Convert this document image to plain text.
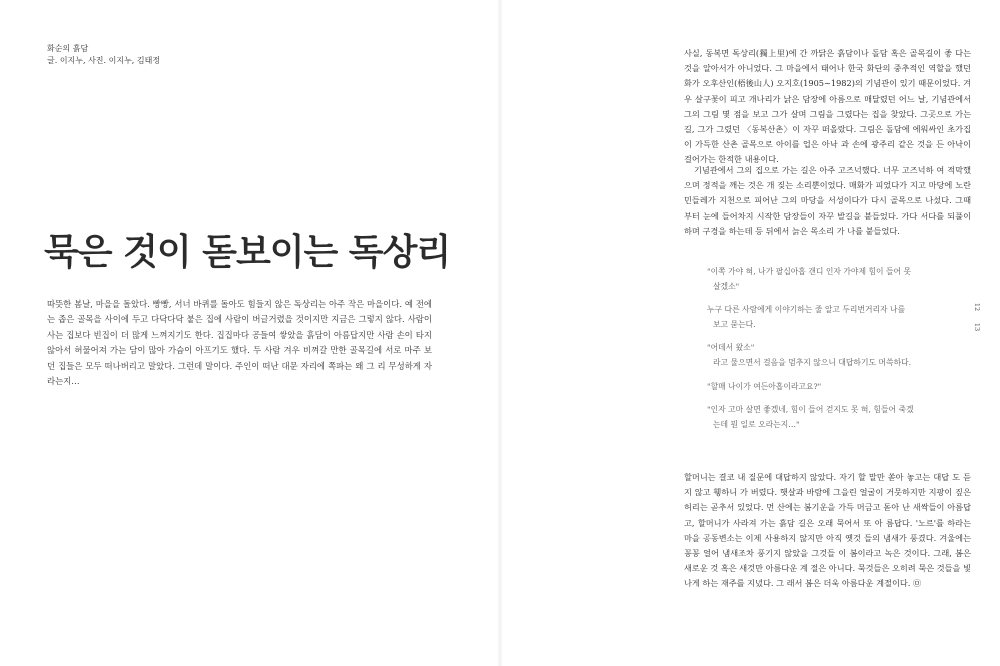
화순의 흙담
글. 이지누, 사진. 이지누, 김태정
묵은 것이 돋보이는 독상리

따뜻한 봄날, 마을을 돌았다. 빵빵, 서너 바퀴를 돌아도 힘들지 않은 독상리는 아주 작은 마을이다. 예 전에는 좁은 골목을 사이에 두고 다닥다닥 붙은 집에 사람이 버글거렸을 것이지만 지금은 그렇지 않다. 사람이 사는 집보다 빈집이 더 많게 느껴지기도 한다. 집집마다 공들여 쌓았을 흙담이 아름답지만 사람 손이 타지 않아서 허물어져 가는 담이 많아 가슴이 아프기도 했다. 두 사람 겨우 비껴갈 만한 골목길에 서로 마주 보던 집들은 모두 떠나버리고 말았다. 그런데 말이다. 주인이 떠난 대문 자리에 쪽파는 왜 그 리 무성하게 자라는지…

사실, 동복면 독상리(獨上里)에 간 까닭은 흙담이나 돌담 혹은 골목길이 좋 다는 것을 알아서가 아니었다. 그 마을에서 태어나 한국 화단의 중추적인 역할을 했던 화가 오후산인(梧後山人) 오지호(1905~1982)의 기념관이 있기 때문이었다. 겨우 살구꽃이 피고 개나리가 낡은 담장에 아름으로 매달렸던 어느 날, 기념관에서 그의 그림 몇 점을 보고 그가 살며 그림을 그렸다는 집을 찾았다. 그곳으로 가는 길, 그가 그렸던 〈동복산촌〉이 자꾸 떠올랐다. 그림은 돌담에 에워싸인 초가집이 가득한 산촌 골목으로 아이를 업은 아낙 과 손에 광주리 같은 것을 든 아낙이 걸어가는 한적한 내용이다.

기념관에서 그의 집으로 가는 길은 아주 고즈넉했다. 너무 고즈넉하 여 적막했으며 정적을 깨는 것은 개 짖는 소리뿐이었다. 매화가 피었다가 지고 마당에 노란 민들레가 지천으로 피어난 그의 마당을 서성이다가 다시 골목으로 나섰다. 그때부터 눈에 들어차지 시작한 담장들이 자꾸 발길을 붙들었다. 가다 서다를 되풀이하며 구경을 하는데 등 뒤에서 늙은 목소리 가 나를 붙들었다.

"이쪽 가야 혀, 나가 팔십아홉 갠디 인자 가야제 힘이 들어 못
살겠소"

누구 다른 사람에게 이야기하는 줄 알고 두리번거리자 나를
보고 묻는다.

"어데서 왔소"
라고 물으면서 걸음을 멈추지 않으니 대답하기도 머쓱하다.

"할매 나이가 여든아홉이라고요?"

"인자 고마 살면 좋겠네, 힘이 들어 걷지도 못 혀, 힘들어 죽겠
는데 뭔 일로 오라는지…"

할머니는 결코 내 질문에 대답하지 않았다. 자기 할 말만 쏟아 놓고는 대답 도 듣지 않고 휑하니 가 버렸다. 햇살과 바람에 그을린 얼굴이 거뭇하지만 지팡이 짚은 허리는 곧추서 있었다. 먼 산에는 봄기운을 가득 머금고 돋아 난 새싹들이 아름답고, 할머니가 사라져 가는 흙담 길은 오래 묵어서 또 아 름답다. '노르'를 하라는 마을 공동변소는 이제 사용하지 않지만 아직 옛것 들의 냄새가 풍겼다. 겨울에는 꽁꽁 얼어 냄새조차 풍기지 않았을 그것들 이 봄이라고 녹은 것이다. 그래, 봄은 새로운 것 혹은 새것만 아름다운 계 절은 아니다. 묵것들은 오히려 묵은 것들을 빛나게 하는 재주를 지녔다. 그 래서 봄은 더욱 아름다운 계절이다. ㉤

12
13
